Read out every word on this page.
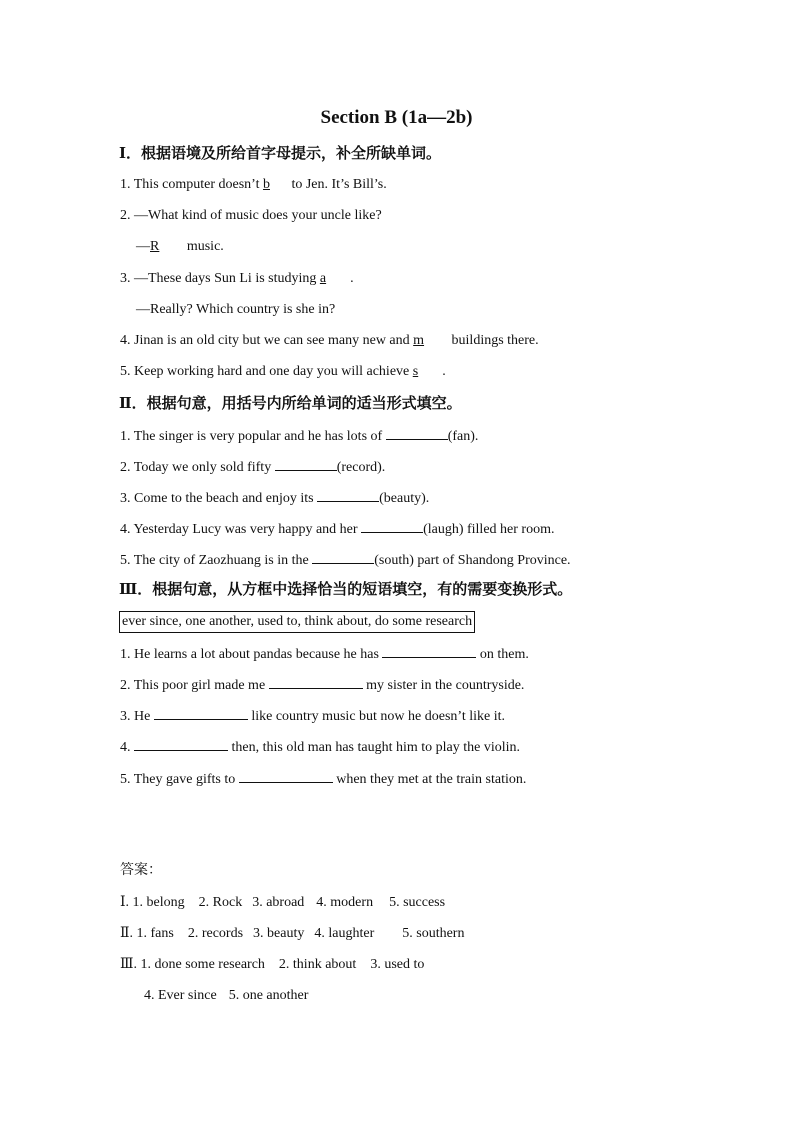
Section B (1a—2b)
Ⅰ．根据语境及所给首字母提示，补全所缺单词。
1. This computer doesn’t b to Jen. It’s Bill’s.
2. —What kind of music does your uncle like?
—R music.
3. —These days Sun Li is studying a .
—Really? Which country is she in?
4. Jinan is an old city but we can see many new and m buildings there.
5. Keep working hard and one day you will achieve s .
Ⅱ．根据句意，用括号内所给单词的适当形式填空。
1. The singer is very popular and he has lots of	(fan).
2. Today we only sold fifty	(record).
3. Come to the beach and enjoy its	(beauty).
4. Yesterday Lucy was very happy and her	(laugh) filled her room.
5. The city of Zaozhuang is in the	(south) part of Shandong Province.
Ⅲ．根据句意，从方框中选择恰当的短语填空，有的需要变换形式。
ever since, one another, used to, think about, do some research
1. He learns a lot about pandas because he has	on them.
2. This poor girl made me	my sister in the countryside.
3. He	like country music but now he doesn’t like it.
4.	then, this old man has taught him to play the violin.
5. They gave gifts to	when they met at the train station.
答案：
Ⅰ. 1. belong 2. Rock 3. abroad 4. modern 5. success
Ⅱ. 1. fans 2. records 3. beauty 4. laughter 5. southern
Ⅲ. 1. done some research 2. think about 3. used to
4. Ever since 5. one another
